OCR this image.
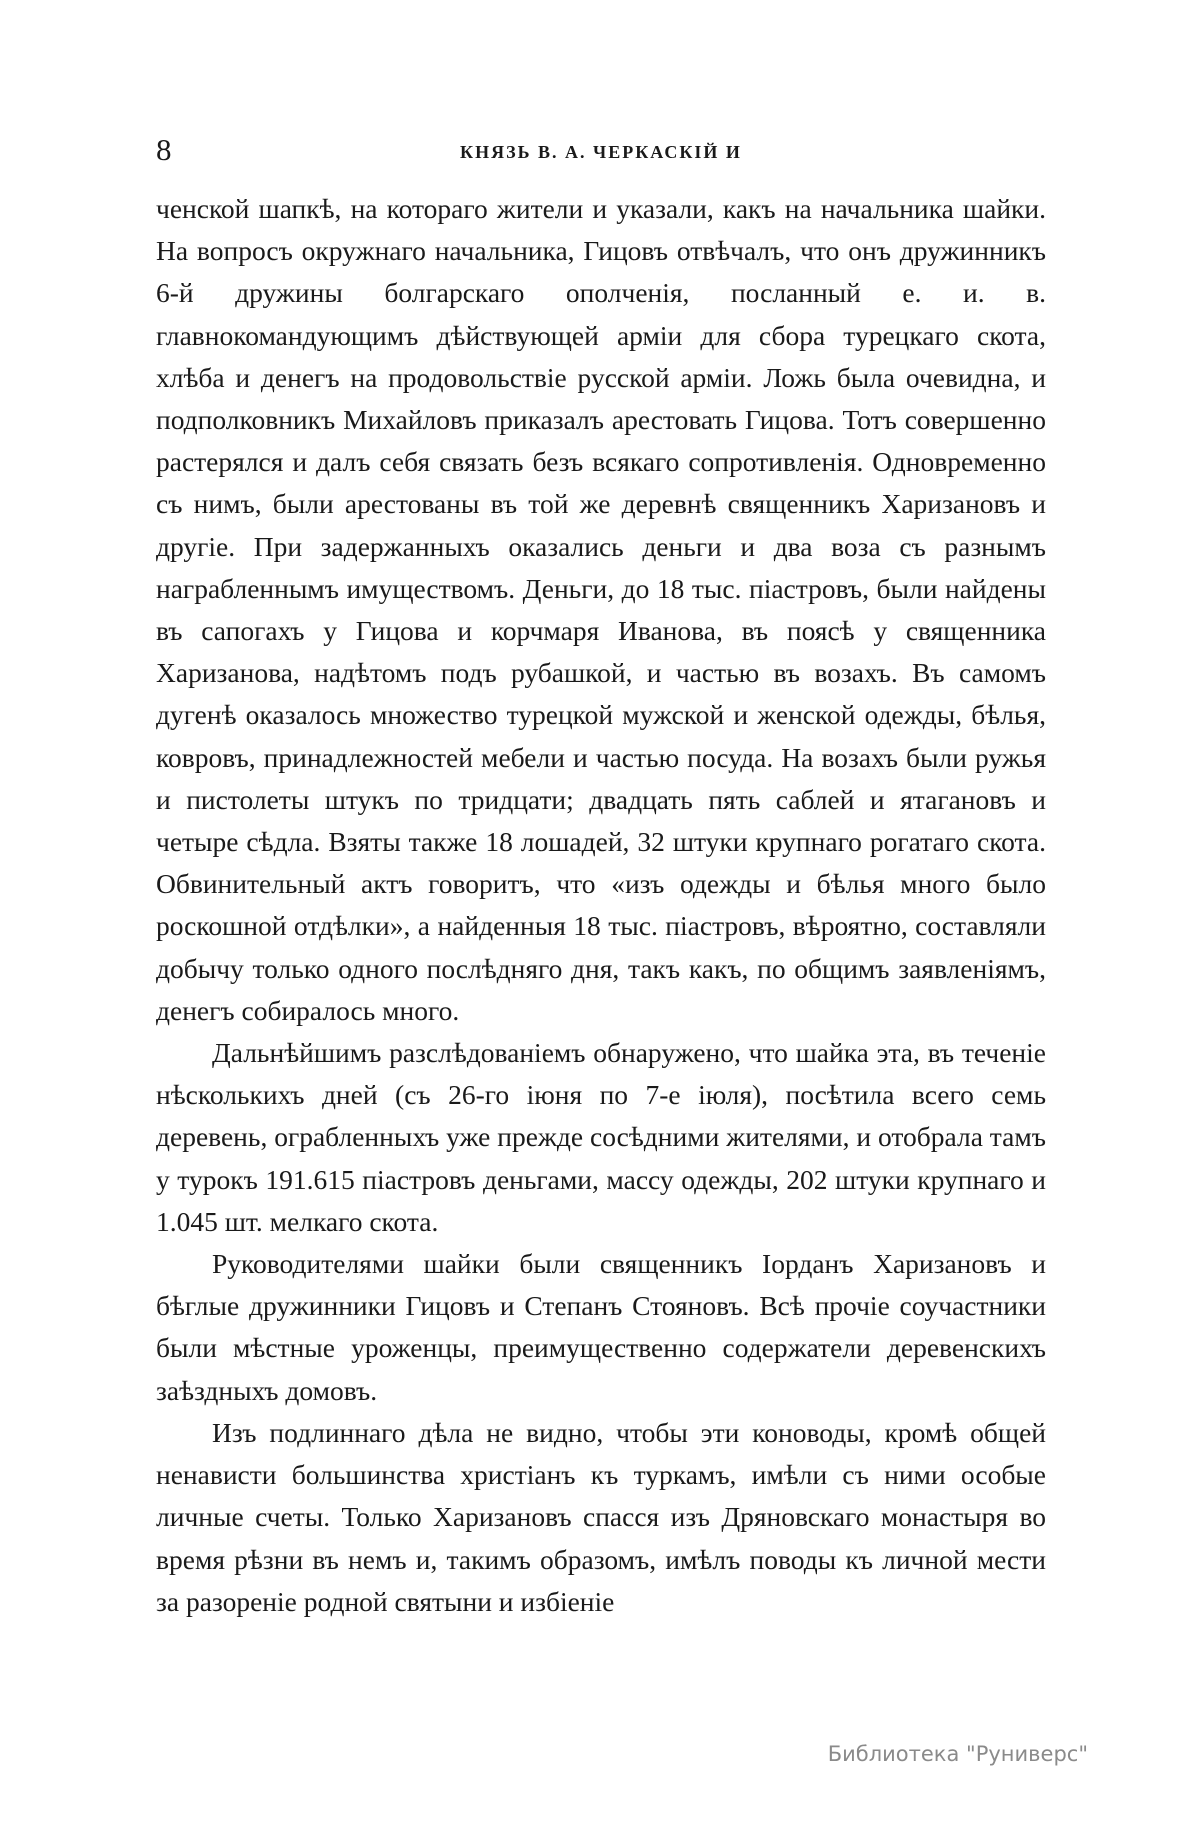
8	КНЯЗЬ В. А. ЧЕРКАСКІЙ И

ченской шапкѣ, на котораго жители и указали, какъ на начальника шайки. На вопросъ окружнаго начальника, Гицовъ отвѣчалъ, что онъ дружинникъ 6-й дружины болгарскаго ополченія, посланный е. и. в. главнокомандующимъ дѣйствующей арміи для сбора турецкаго скота, хлѣба и денегъ на продовольствіе русской арміи. Ложь была очевидна, и подполковникъ Михайловъ приказалъ арестовать Гицова. Тотъ совершенно растерялся и далъ себя связать безъ всякаго сопротивленія. Одновременно съ нимъ, были арестованы въ той же деревнѣ священникъ Харизановъ и другіе. При задержанныхъ оказались деньги и два воза съ разнымъ награбленнымъ имуществомъ. Деньги, до 18 тыс. піастровъ, были найдены въ сапогахъ у Гицова и корчмаря Иванова, въ поясѣ у священника Харизанова, надѣтомъ подъ рубашкой, и частью въ возахъ. Въ самомъ дугенѣ оказалось множество турецкой мужской и женской одежды, бѣлья, ковровъ, принадлежностей мебели и частью посуда. На возахъ были ружья и пистолеты штукъ по тридцати; двадцать пять саблей и ятагановъ и четыре сѣдла. Взяты также 18 лошадей, 32 штуки крупнаго рогатаго скота. Обвинительный актъ говоритъ, что «изъ одежды и бѣлья много было роскошной отдѣлки», а найденныя 18 тыс. піастровъ, вѣроятно, составляли добычу только одного послѣдняго дня, такъ какъ, по общимъ заявленіямъ, денегъ собиралось много.

Дальнѣйшимъ разслѣдованіемъ обнаружено, что шайка эта, въ теченіе нѣсколькихъ дней (съ 26-го іюня по 7-е іюля), посѣтила всего семь деревень, ограбленныхъ уже прежде сосѣдними жителями, и отобрала тамъ у турокъ 191.615 піастровъ деньгами, массу одежды, 202 штуки крупнаго и 1.045 шт. мелкаго скота.

Руководителями шайки были священникъ Іорданъ Харизановъ и бѣглые дружинники Гицовъ и Степанъ Стояновъ. Всѣ прочіе соучастники были мѣстные уроженцы, преимущественно содержатели деревенскихъ заѣздныхъ домовъ.

Изъ подлиннаго дѣла не видно, чтобы эти коноводы, кромѣ общей ненависти большинства христіанъ къ туркамъ, имѣли съ ними особые личные счеты. Только Харизановъ спасся изъ Дряновскаго монастыря во время рѣзни въ немъ и, такимъ образомъ, имѣлъ поводы къ личной мести за разореніе родной святыни и избіеніе

Библиотека "Руниверс"
